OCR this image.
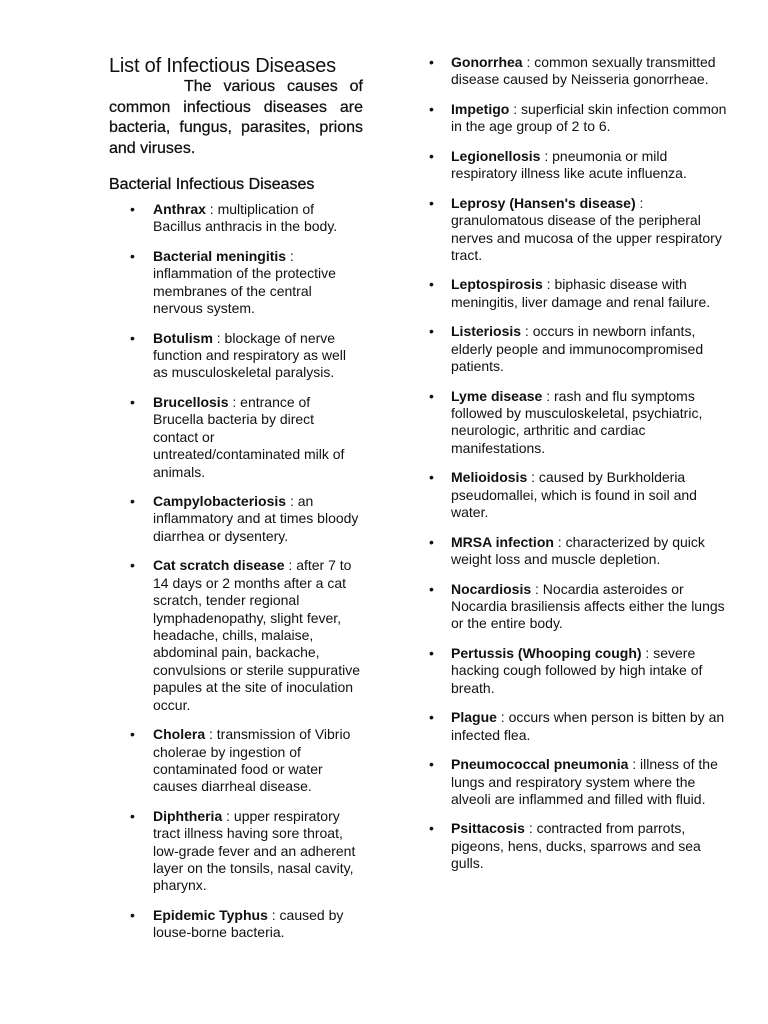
List of Infectious Diseases

The various causes of common infectious diseases are bacteria, fungus, parasites, prions and viruses.

Bacterial Infectious Diseases
• Anthrax : multiplication of Bacillus anthracis in the body.
• Bacterial meningitis : inflammation of the protective membranes of the central nervous system.
• Botulism : blockage of nerve function and respiratory as well as musculoskeletal paralysis.
• Brucellosis : entrance of Brucella bacteria by direct contact or untreated/contaminated milk of animals.
• Campylobacteriosis : an inflammatory and at times bloody diarrhea or dysentery.
• Cat scratch disease : after 7 to 14 days or 2 months after a cat scratch, tender regional lymphadenopathy, slight fever, headache, chills, malaise, abdominal pain, backache, convulsions or sterile suppurative papules at the site of inoculation occur.
• Cholera : transmission of Vibrio cholerae by ingestion of contaminated food or water causes diarrheal disease.
• Diphtheria : upper respiratory tract illness having sore throat, low-grade fever and an adherent layer on the tonsils, nasal cavity, pharynx.
• Epidemic Typhus : caused by louse-borne bacteria.
• Gonorrhea : common sexually transmitted disease caused by Neisseria gonorrheae.
• Impetigo : superficial skin infection common in the age group of 2 to 6.
• Legionellosis : pneumonia or mild respiratory illness like acute influenza.
• Leprosy (Hansen's disease) : granulomatous disease of the peripheral nerves and mucosa of the upper respiratory tract.
• Leptospirosis : biphasic disease with meningitis, liver damage and renal failure.
• Listeriosis : occurs in newborn infants, elderly people and immunocompromised patients.
• Lyme disease : rash and flu symptoms followed by musculoskeletal, psychiatric, neurologic, arthritic and cardiac manifestations.
• Melioidosis : caused by Burkholderia pseudomallei, which is found in soil and water.
• MRSA infection : characterized by quick weight loss and muscle depletion.
• Nocardiosis : Nocardia asteroides or Nocardia brasiliensis affects either the lungs or the entire body.
• Pertussis (Whooping cough) : severe hacking cough followed by high intake of breath.
• Plague : occurs when person is bitten by an infected flea.
• Pneumococcal pneumonia : illness of the lungs and respiratory system where the alveoli are inflammed and filled with fluid.
• Psittacosis : contracted from parrots, pigeons, hens, ducks, sparrows and sea gulls.
